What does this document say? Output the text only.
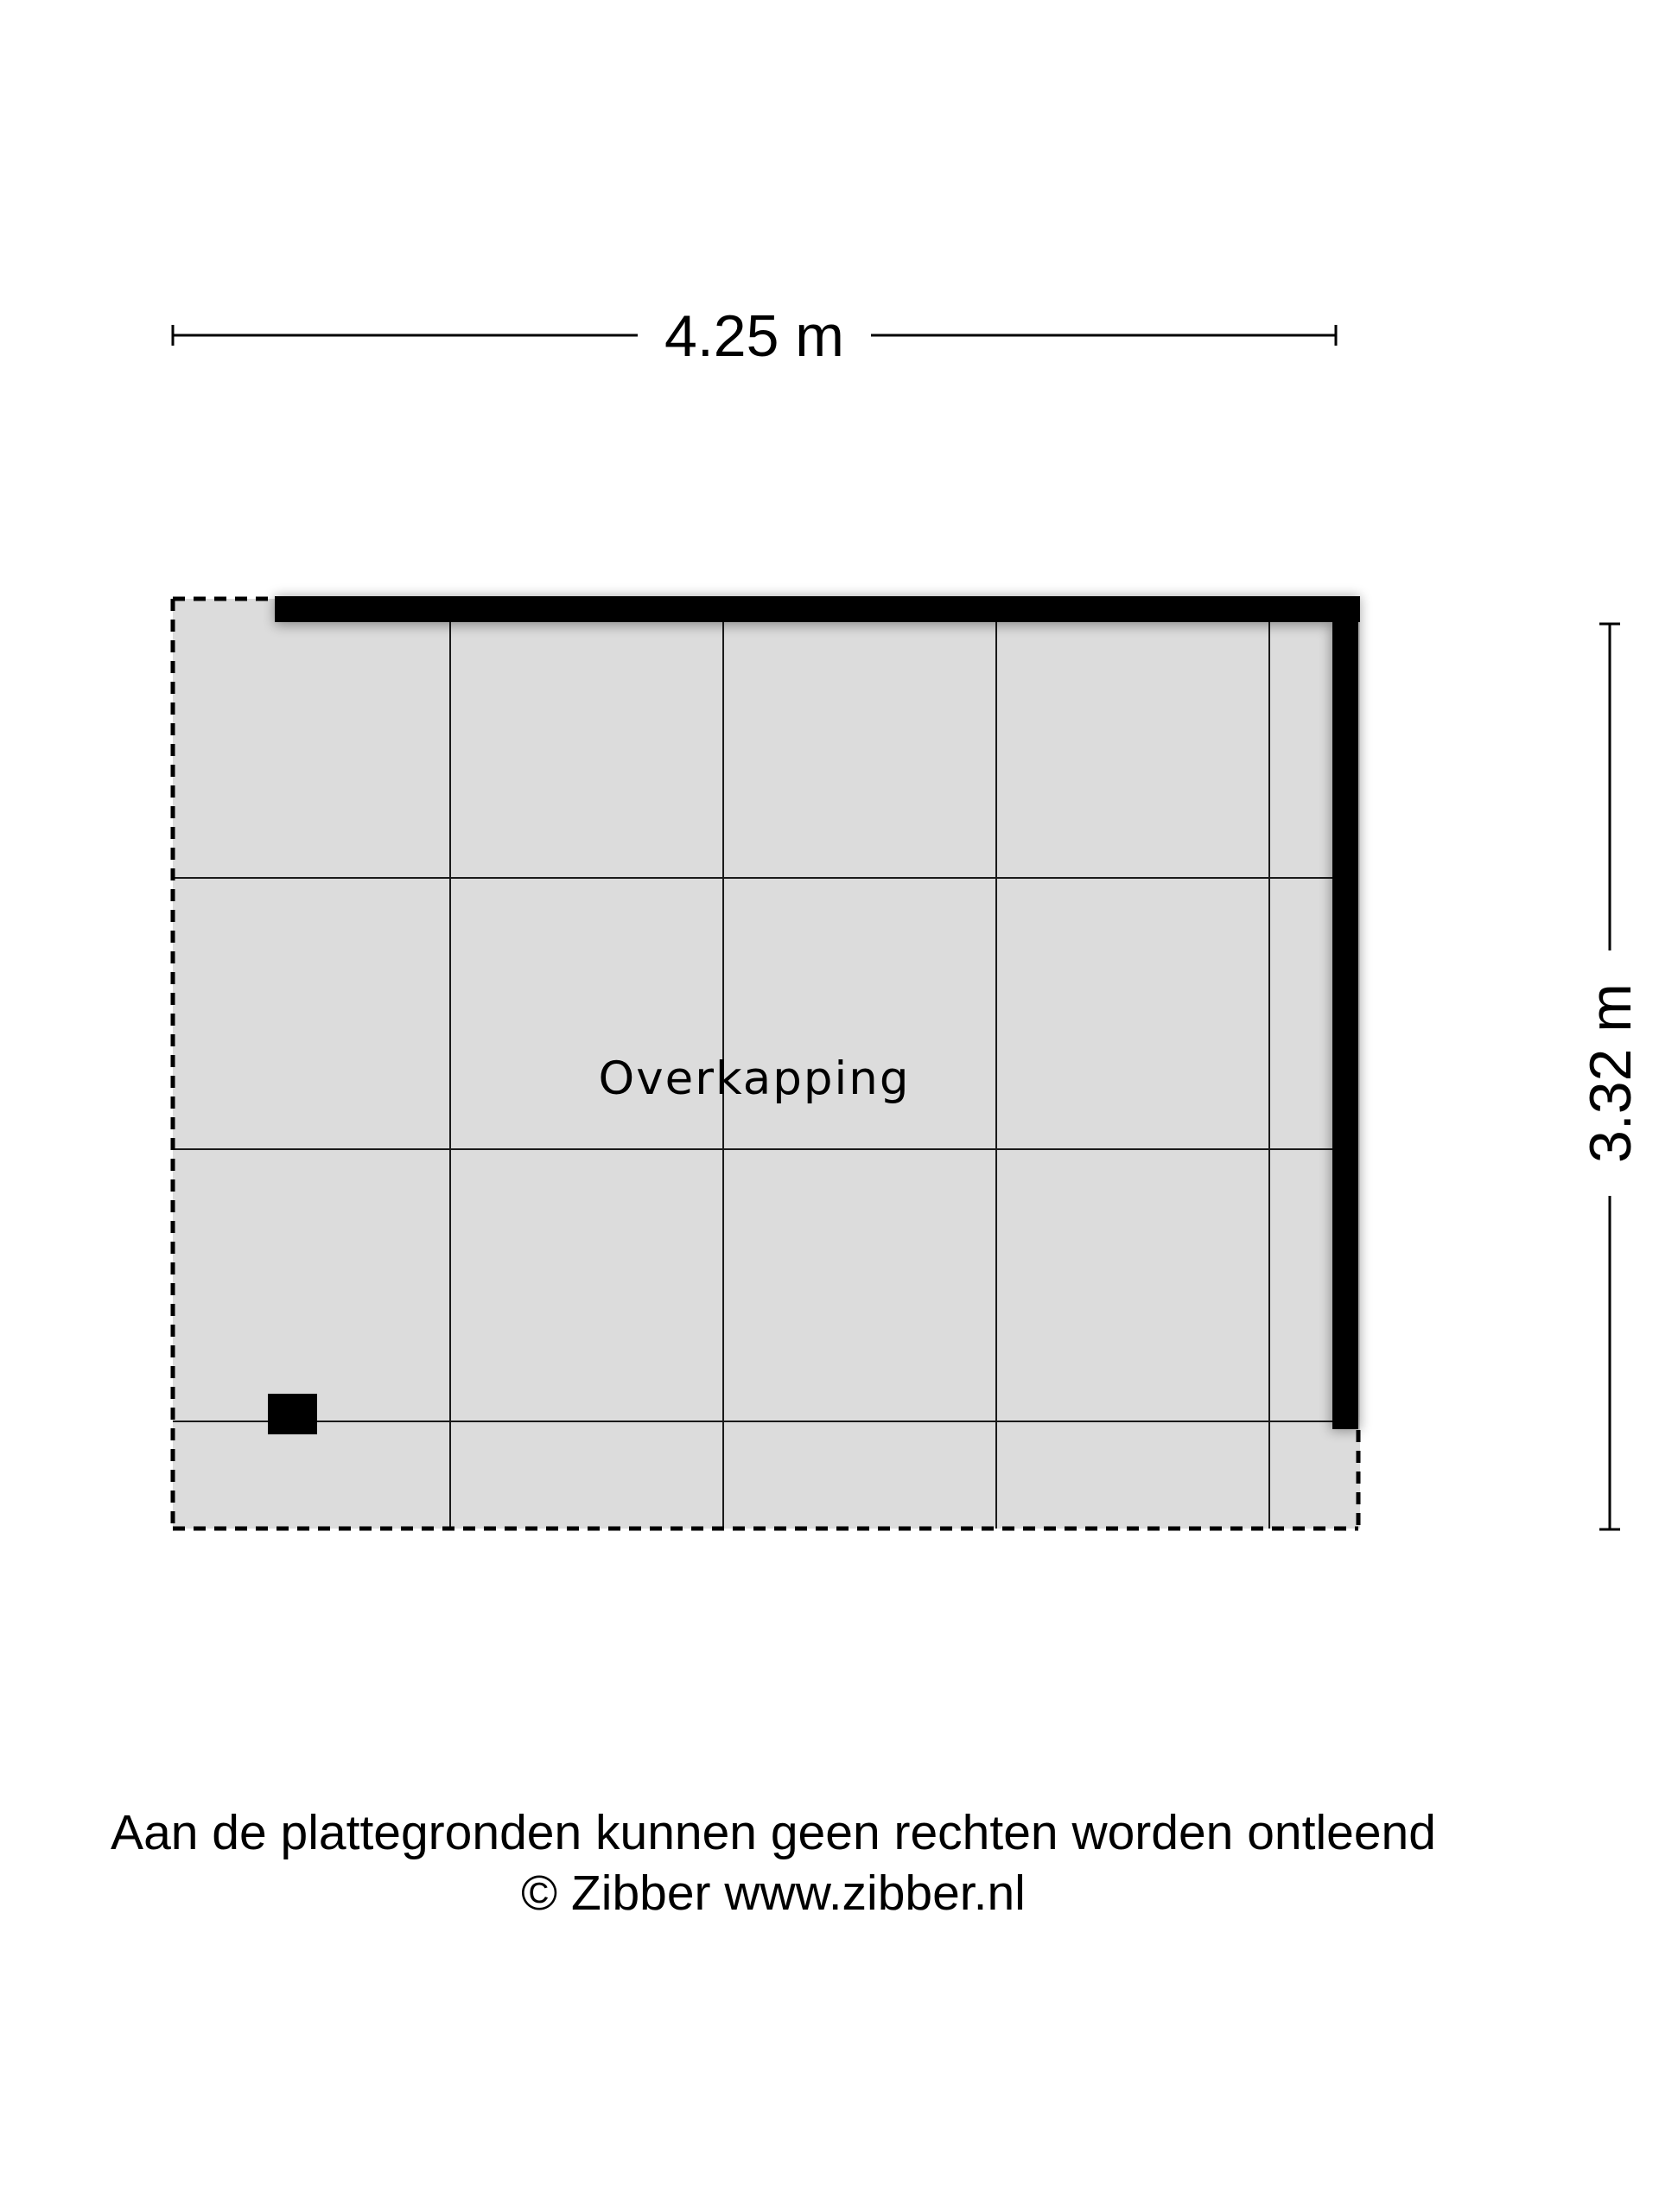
4.25 m
3.32 m
Overkapping
Aan de plattegronden kunnen geen rechten worden ontleend
© Zibber www.zibber.nl
